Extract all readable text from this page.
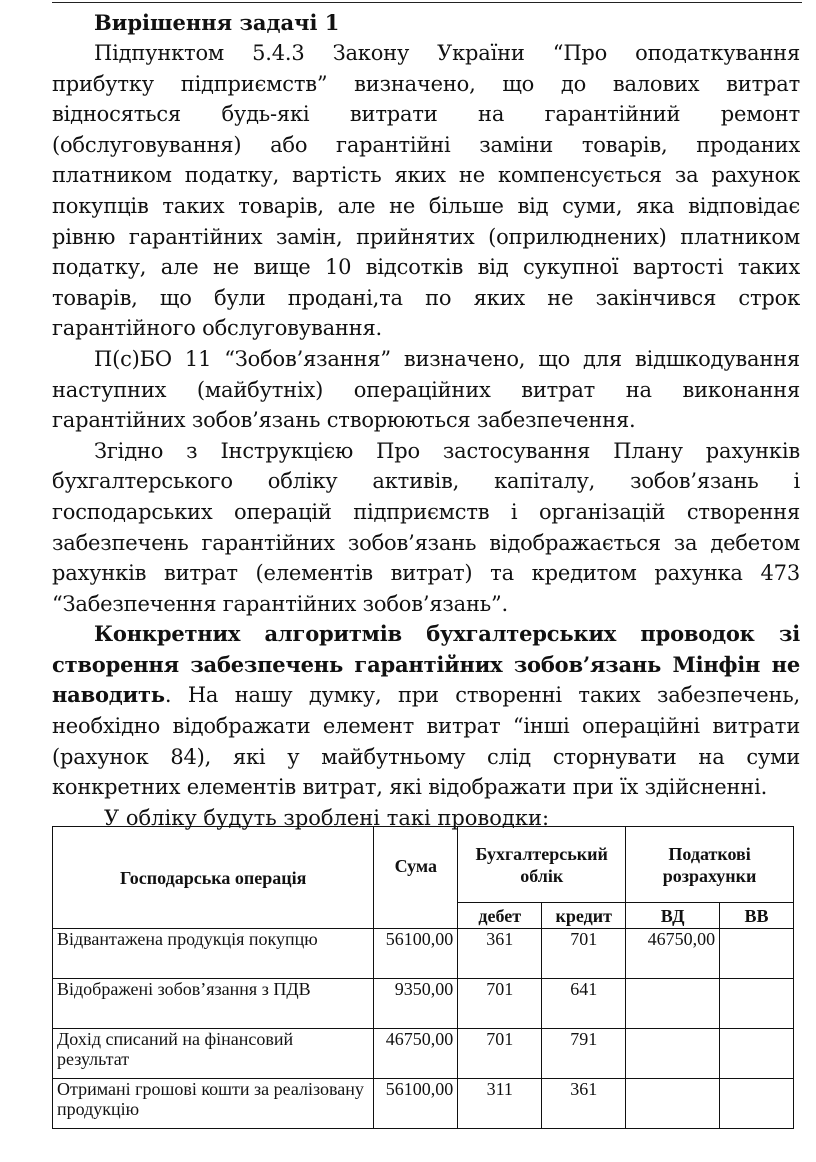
Вирішення задачі 1

Підпунктом 5.4.3 Закону України “Про оподаткування прибутку підприємств” визначено, що до валових витрат відносяться будь-які витрати на гарантійний ремонт (обслуговування) або гарантійні заміни товарів, проданих платником податку, вартість яких не компенсується за рахунок покупців таких товарів, але не більше від суми, яка відповідає рівню гарантійних замін, прийнятих (оприлюднених) платником податку, але не вище 10 відсотків від сукупної вартості таких товарів, що були продані,та по яких не закінчився строк гарантійного обслуговування.

П(с)БО 11 “Зобов’язання” визначено, що для відшкодування наступних (майбутніх) операційних витрат на виконання гарантійних зобов’язань створюються забезпечення.

Згідно з Інструкцією Про застосування Плану рахунків бухгалтерського обліку активів, капіталу, зобов’язань і господарських операцій підприємств і організацій створення забезпечень гарантійних зобов’язань відображається за дебетом рахунків витрат (елементів витрат) та кредитом рахунка 473 “Забезпечення гарантійних зобов’язань”.

Конкретних алгоритмів бухгалтерських проводок зі створення забезпечень гарантійних зобов’язань Мінфін не наводить. На нашу думку, при створенні таких забезпечень, необхідно відображати елемент витрат “інші операційні витрати (рахунок 84), які у майбутньому слід сторнувати на суми конкретних елементів витрат, які відображати при їх здійсненні.

У обліку будуть зроблені такі проводки:

Господарська операція	Сума	Бухгалтерський облік		Податкові розрахунки	
		дебет	кредит	ВД	ВВ
Відвантажена продукція покупцю	56100,00	361	701	46750,00	
Відображені зобов’язання з ПДВ	9350,00	701	641		
Дохід списаний на фінансовий результат	46750,00	701	791		
Отримані грошові кошти за реалізовану продукцію	56100,00	311	361		
